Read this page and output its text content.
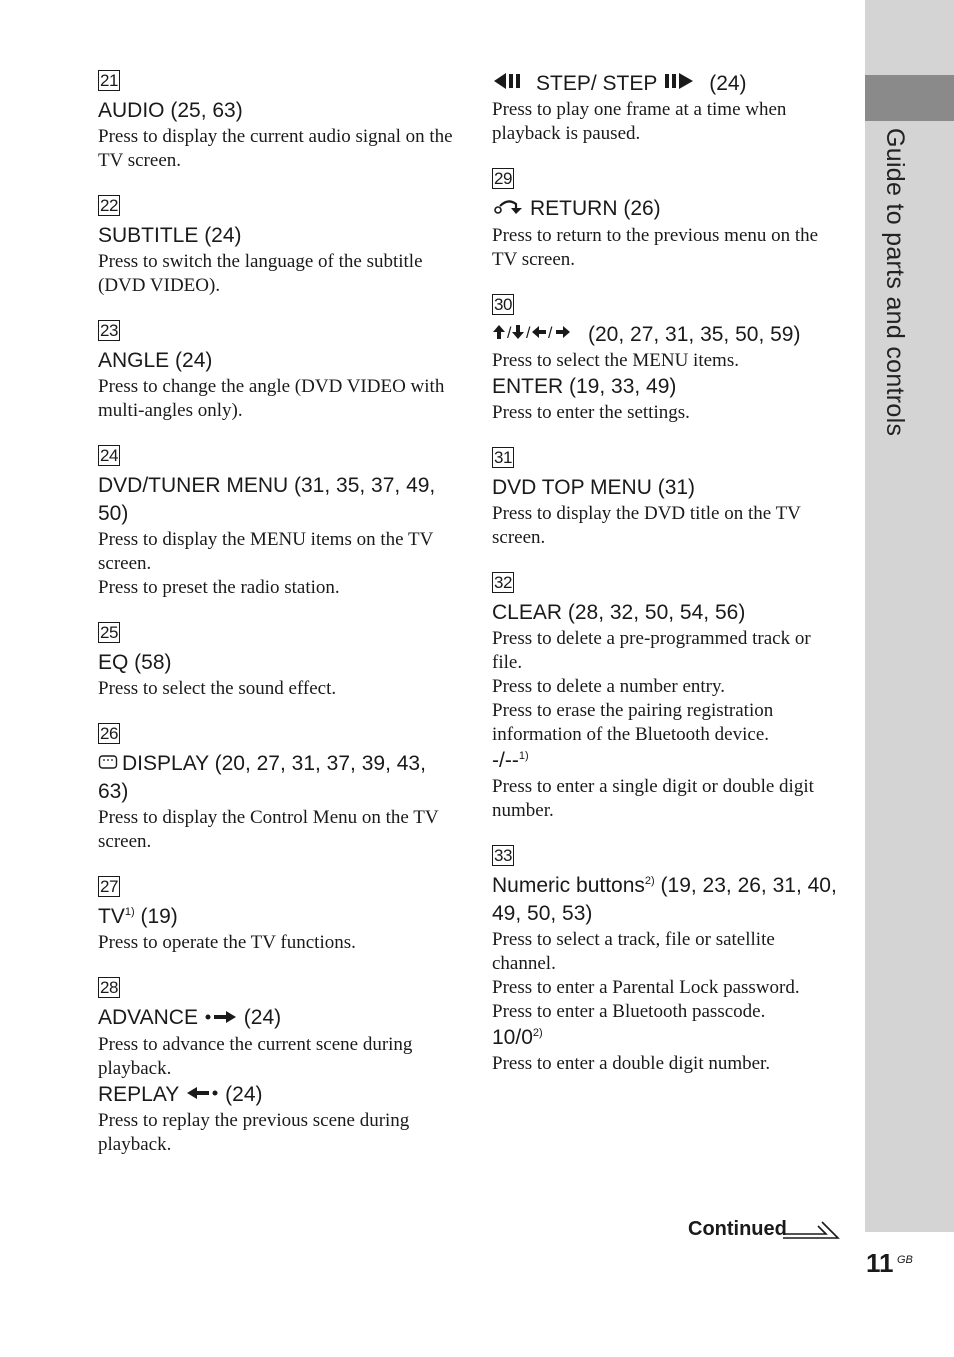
Guide to parts and controls
21
AUDIO (25, 63)
Press to display the current audio signal on the TV screen.
22
SUBTITLE (24)
Press to switch the language of the subtitle (DVD VIDEO).
23
ANGLE (24)
Press to change the angle (DVD VIDEO with multi-angles only).
24
DVD/TUNER MENU (31, 35, 37, 49, 50)
Press to display the MENU items on the TV screen.
Press to preset the radio station.
25
EQ (58)
Press to select the sound effect.
26
DISPLAY (20, 27, 31, 37, 39, 43, 63)
Press to display the Control Menu on the TV screen.
27
TV$^{1)}$ (19)
Press to operate the TV functions.
28
ADVANCE (24)
Press to advance the current scene during playback.
REPLAY (24)
Press to replay the previous scene during playback.
STEP/ STEP (24)
Press to play one frame at a time when playback is paused.
29
RETURN (26)
Press to return to the previous menu on the TV screen.
30
/ / / (20, 27, 31, 35, 50, 59)
Press to select the MENU items.
ENTER (19, 33, 49)
Press to enter the settings.
31
DVD TOP MENU (31)
Press to display the DVD title on the TV screen.
32
CLEAR (28, 32, 50, 54, 56)
Press to delete a pre-programmed track or file.
Press to delete a number entry.
Press to erase the pairing registration information of the Bluetooth device.
-/--$^{1)}$
Press to enter a single digit or double digit number.
33
Numeric buttons$^{2)}$ (19, 23, 26, 31, 40, 49, 50, 53)
Press to select a track, file or satellite channel.
Press to enter a Parental Lock password.
Press to enter a Bluetooth passcode.
10/0$^{2)}$
Press to enter a double digit number.
Continued
11 GB
